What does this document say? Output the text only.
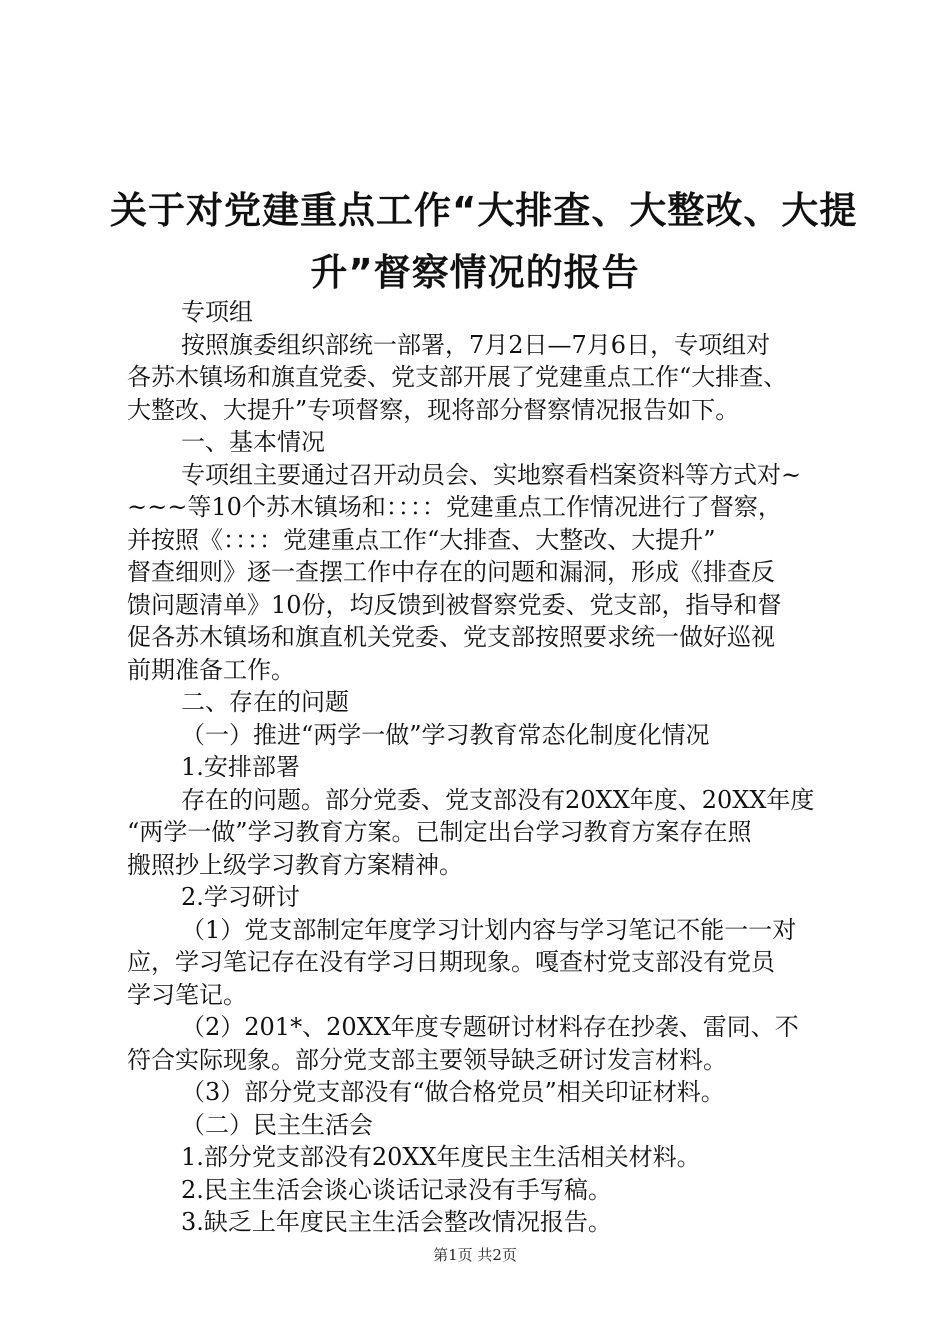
关于对党建重点工作“大排查、大整改、大提
升”督察情况的报告
专项组
按照旗委组织部统一部署，7月2日—7月6日，专项组对
各苏木镇场和旗直党委、党支部开展了党建重点工作“大排查、
大整改、大提升”专项督察，现将部分督察情况报告如下。
一、基本情况
专项组主要通过召开动员会、实地察看档案资料等方式对~
~~~等10个苏木镇场和：：：：党建重点工作情况进行了督察，
并按照《：：：：党建重点工作“大排查、大整改、大提升”
督查细则》逐一查摆工作中存在的问题和漏洞，形成《排查反
馈问题清单》10份，均反馈到被督察党委、党支部，指导和督
促各苏木镇场和旗直机关党委、党支部按照要求统一做好巡视
前期准备工作。
二、存在的问题
（一）推进“两学一做”学习教育常态化制度化情况
1.安排部署
存在的问题。部分党委、党支部没有20XX年度、20XX年度
“两学一做”学习教育方案。已制定出台学习教育方案存在照
搬照抄上级学习教育方案精神。
2.学习研讨
（1）党支部制定年度学习计划内容与学习笔记不能一一对
应，学习笔记存在没有学习日期现象。嘎查村党支部没有党员
学习笔记。
（2）201*、20XX年度专题研讨材料存在抄袭、雷同、不
符合实际现象。部分党支部主要领导缺乏研讨发言材料。
（3）部分党支部没有“做合格党员”相关印证材料。
（二）民主生活会
1.部分党支部没有20XX年度民主生活相关材料。
2.民主生活会谈心谈话记录没有手写稿。
3.缺乏上年度民主生活会整改情况报告。
第1页 共2页
